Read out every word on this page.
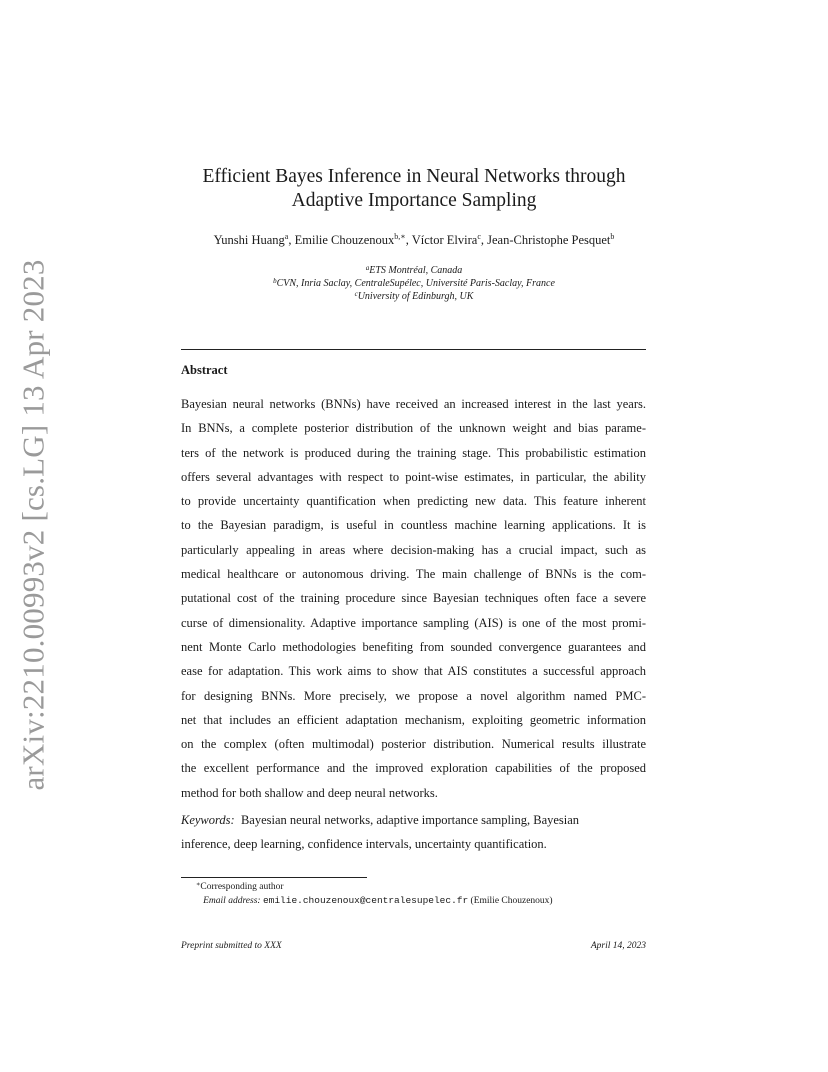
arXiv:2210.00993v2 [cs.LG] 13 Apr 2023
Efficient Bayes Inference in Neural Networks through
Adaptive Importance Sampling
Yunshi Huang$^a$, Emilie Chouzenoux$^{b,∗}$, Víctor Elvira$^c$, Jean-Christophe Pesquet$^b$
$^a$ETS Montréal, Canada
$^b$CVN, Inria Saclay, CentraleSupélec, Université Paris-Saclay, France
$^c$University of Edinburgh, UK
Abstract
Bayesian neural networks (BNNs) have received an increased interest in the last years.
In BNNs, a complete posterior distribution of the unknown weight and bias parame-
ters of the network is produced during the training stage. This probabilistic estimation
offers several advantages with respect to point-wise estimates, in particular, the ability
to provide uncertainty quantification when predicting new data. This feature inherent
to the Bayesian paradigm, is useful in countless machine learning applications. It is
particularly appealing in areas where decision-making has a crucial impact, such as
medical healthcare or autonomous driving. The main challenge of BNNs is the com-
putational cost of the training procedure since Bayesian techniques often face a severe
curse of dimensionality. Adaptive importance sampling (AIS) is one of the most promi-
nent Monte Carlo methodologies benefiting from sounded convergence guarantees and
ease for adaptation. This work aims to show that AIS constitutes a successful approach
for designing BNNs. More precisely, we propose a novel algorithm named PMC-
net that includes an efficient adaptation mechanism, exploiting geometric information
on the complex (often multimodal) posterior distribution. Numerical results illustrate
the excellent performance and the improved exploration capabilities of the proposed
method for both shallow and deep neural networks.
Keywords: Bayesian neural networks, adaptive importance sampling, Bayesian
inference, deep learning, confidence intervals, uncertainty quantification.
∗Corresponding author
Email address: emilie.chouzenoux@centralesupelec.fr (Emilie Chouzenoux)
Preprint submitted to XXX	April 14, 2023
